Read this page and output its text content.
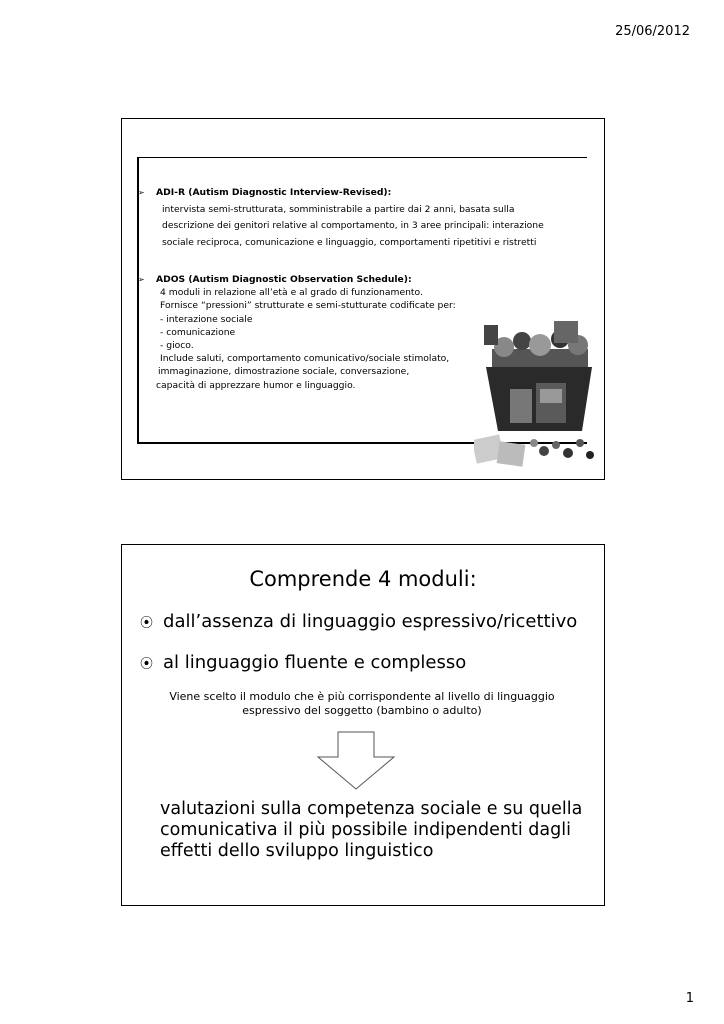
25/06/2012
➢ ADI-R (Autism Diagnostic Interview-Revised):
intervista semi-strutturata, somministrabile a partire dai 2 anni, basata sulla
descrizione dei genitori relative al comportamento, in 3 aree principali: interazione
sociale reciproca, comunicazione e linguaggio, comportamenti ripetitivi e ristretti
➢ ADOS (Autism Diagnostic Observation Schedule):
4 moduli in relazione all’età e al grado di funzionamento.
Fornisce “pressioni” strutturate e semi-stutturate codificate per:
- interazione sociale
- comunicazione
- gioco.
Include saluti, comportamento comunicativo/sociale stimolato,
immaginazione, dimostrazione sociale, conversazione,
capacità di apprezzare humor e linguaggio.
Comprende 4 moduli:
⦿ dall’assenza di linguaggio espressivo/ricettivo
⦿ al linguaggio fluente e complesso
Viene scelto il modulo che è più corrispondente al livello di linguaggio
espressivo del soggetto (bambino o adulto)
valutazioni sulla competenza sociale e su quella
comunicativa il più possibile indipendenti dagli
effetti dello sviluppo linguistico
1
